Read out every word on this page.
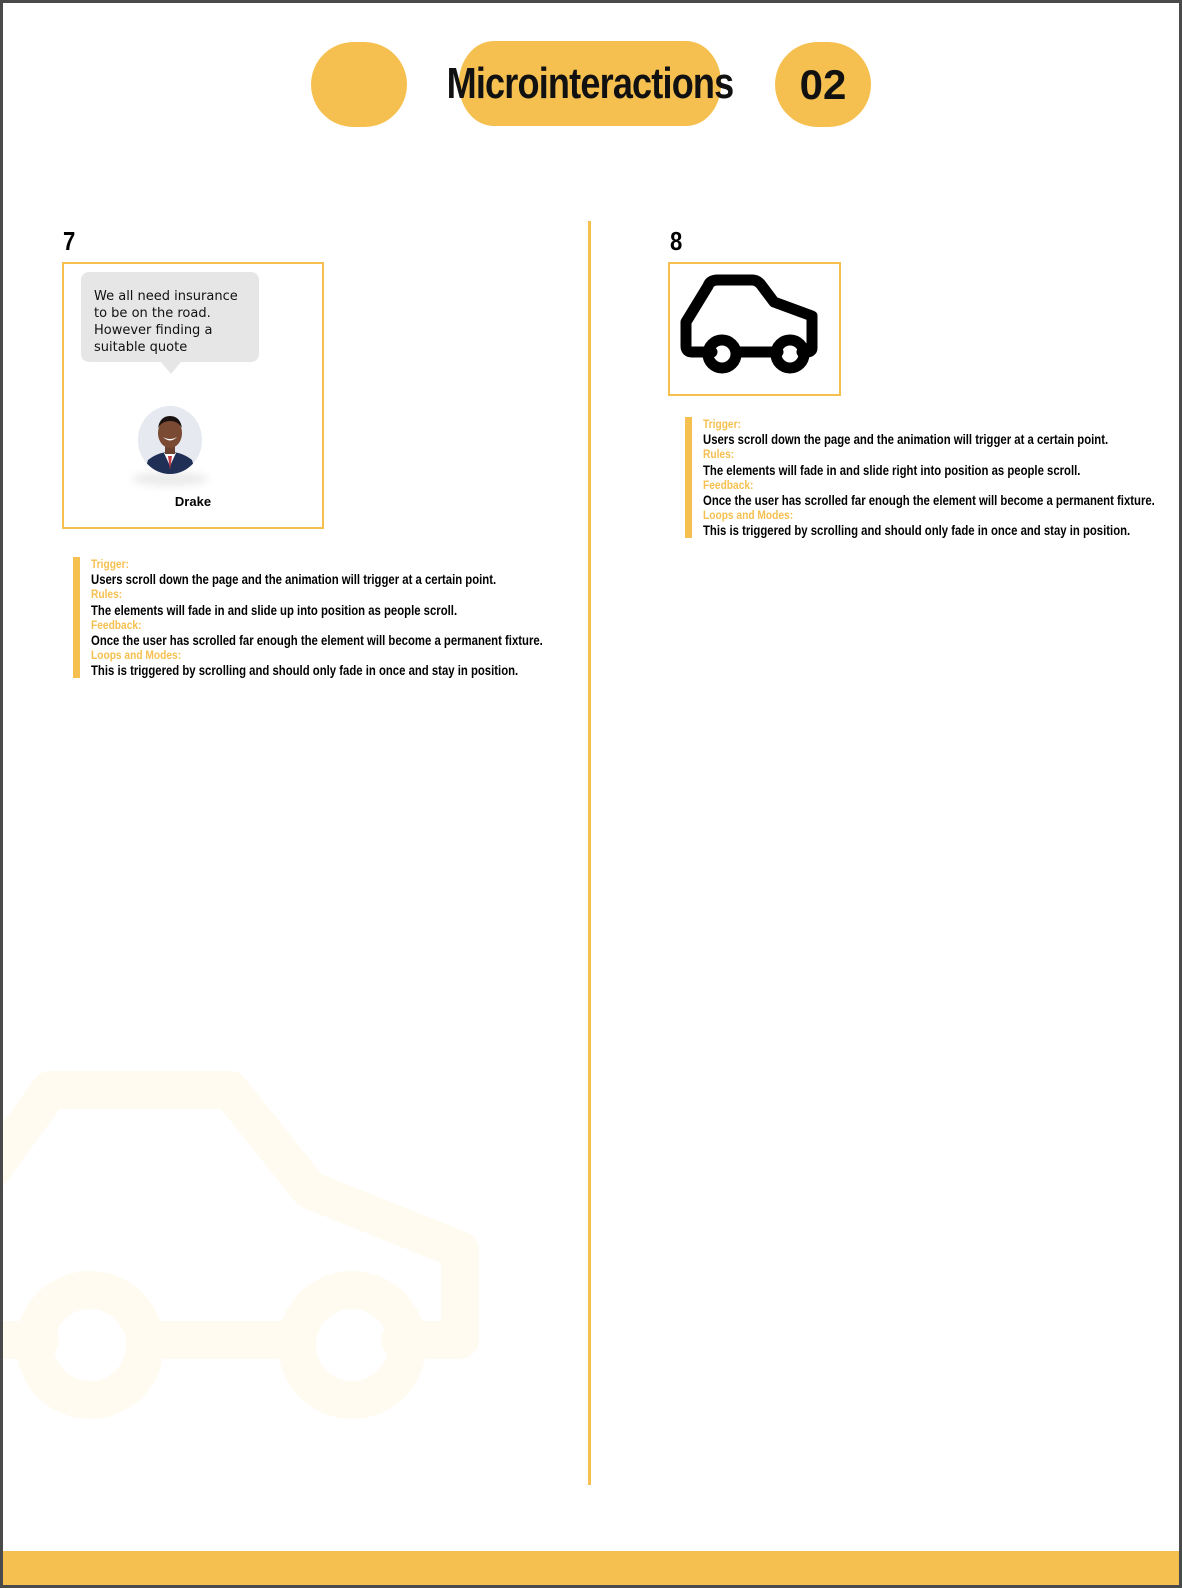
Microinteractions	02
7
We all need insurance to be on the road. However finding a suitable quote
Drake
Trigger:
Users scroll down the page and the animation will trigger at a certain point.
Rules:
The elements will fade in and slide up into position as people scroll.
Feedback:
Once the user has scrolled far enough the element will become a permanent fixture.
Loops and Modes:
This is triggered by scrolling and should only fade in once and stay in position.
8
Trigger:
Users scroll down the page and the animation will trigger at a certain point.
Rules:
The elements will fade in and slide right into position as people scroll.
Feedback:
Once the user has scrolled far enough the element will become a permanent fixture.
Loops and Modes:
This is triggered by scrolling and should only fade in once and stay in position.
